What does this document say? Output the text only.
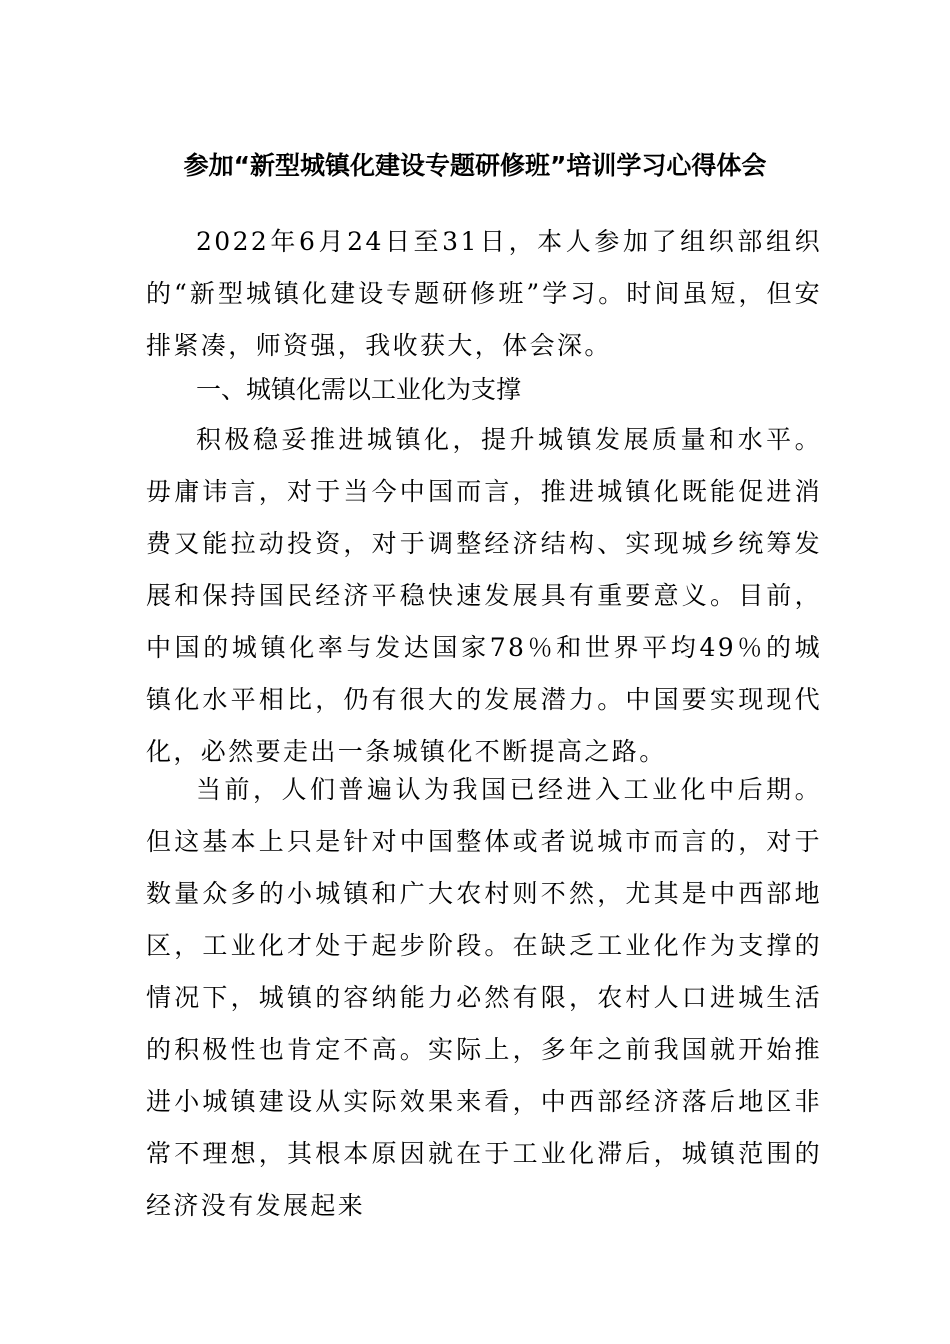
参加“新型城镇化建设专题研修班”培训学习心得体会

2022年6月24日至31日，本人参加了组织部组织的“新型城镇化建设专题研修班”学习。时间虽短，但安排紧凑，师资强，我收获大，体会深。

一、城镇化需以工业化为支撑

积极稳妥推进城镇化，提升城镇发展质量和水平。毋庸讳言，对于当今中国而言，推进城镇化既能促进消费又能拉动投资，对于调整经济结构、实现城乡统筹发展和保持国民经济平稳快速发展具有重要意义。目前，中国的城镇化率与发达国家78％和世界平均49％的城镇化水平相比，仍有很大的发展潜力。中国要实现现代化，必然要走出一条城镇化不断提高之路。

当前，人们普遍认为我国已经进入工业化中后期。但这基本上只是针对中国整体或者说城市而言的，对于数量众多的小城镇和广大农村则不然，尤其是中西部地区，工业化才处于起步阶段。在缺乏工业化作为支撑的情况下，城镇的容纳能力必然有限，农村人口进城生活的积极性也肯定不高。实际上，多年之前我国就开始推进小城镇建设从实际效果来看，中西部经济落后地区非常不理想，其根本原因就在于工业化滞后，城镇范围的经济没有发展起来
